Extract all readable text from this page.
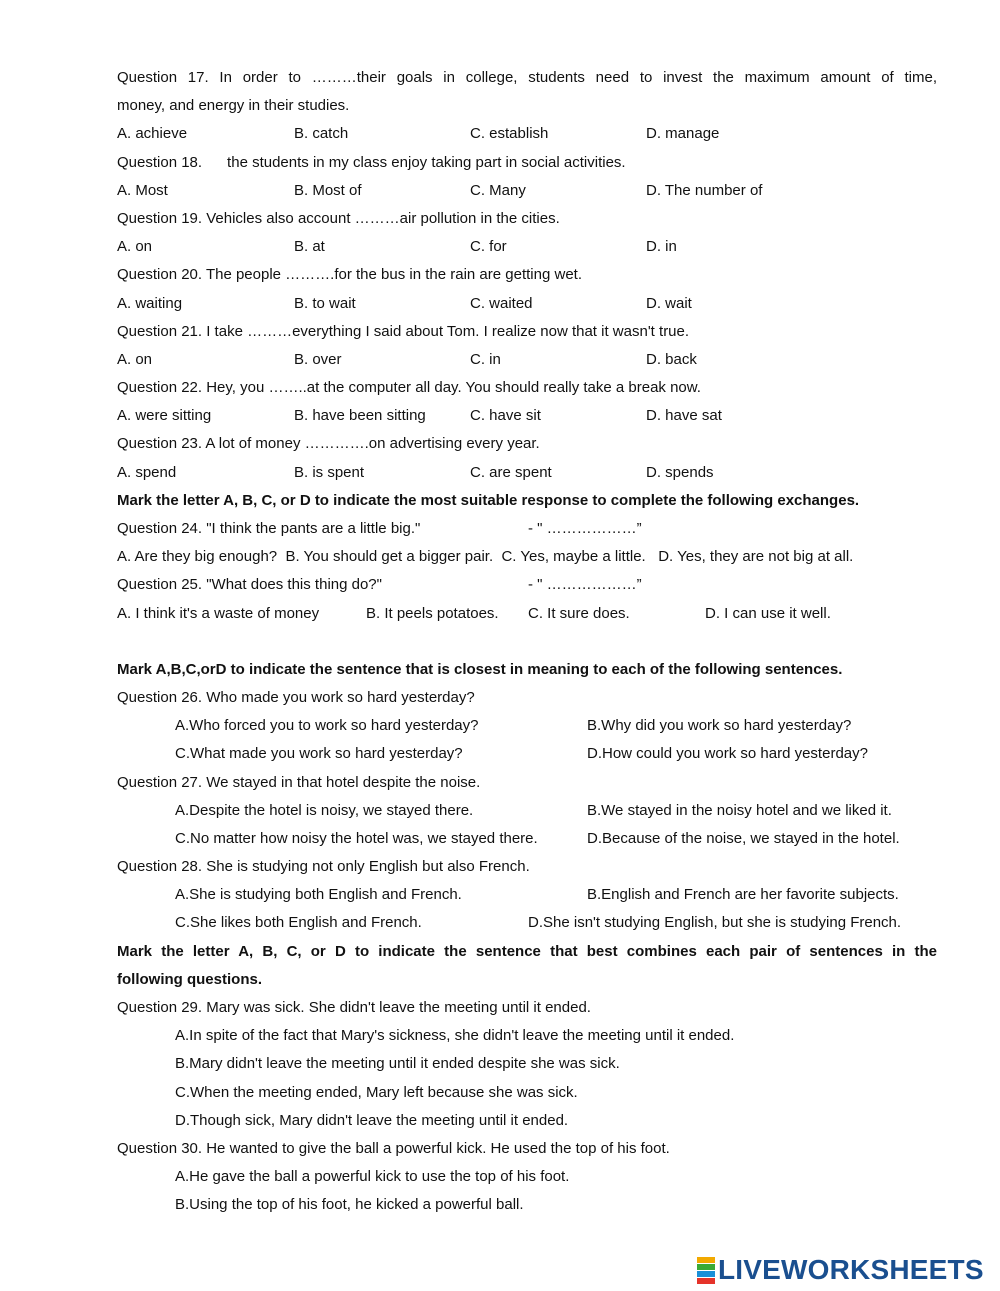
Question 17. In order to ………their goals in college, students need to invest the maximum amount of time,
money, and energy in their studies.
A. achieve	B. catch	C. establish	D. manage
Question 18.      the students in my class enjoy taking part in social activities.
A. Most	B. Most of	C. Many	D. The number of
Question 19. Vehicles also account ………air pollution in the cities.
A. on	B. at	C. for	D. in
Question 20. The people ……….for the bus in the rain are getting wet.
A. waiting	B. to wait	C. waited	D. wait
Question 21. I take ………everything I said about Tom. I realize now that it wasn't true.
A. on	B. over	C. in	D. back
Question 22. Hey, you ……..at the computer all day. You should really take a break now.
A. were sitting	B. have been sitting	C. have sit	D. have sat
Question 23. A lot of money ………….on advertising every year.
A. spend	B. is spent	C. are spent	D. spends
Mark the letter A, B, C, or D to indicate the most suitable response to complete the following exchanges.
Question 24. "I think the pants are a little big."	- " ………………”
A. Are they big enough?  B. You should get a bigger pair.  C. Yes, maybe a little.   D. Yes, they are not big at all.
Question 25. "What does this thing do?"	- " ………………”
A. I think it's a waste of money	B. It peels potatoes. C. It sure does.	D. I can use it well.
Mark A,B,C,orD to indicate the sentence that is closest in meaning to each of the following sentences.
Question 26. Who made you work so hard yesterday?
A.Who forced you to work so hard yesterday?	B.Why did you work so hard yesterday?
C.What made you work so hard yesterday?	D.How could you work so hard yesterday?
Question 27. We stayed in that hotel despite the noise.
A.Despite the hotel is noisy, we stayed there.	B.We stayed in the noisy hotel and we liked it.
C.No matter how noisy the hotel was, we stayed there.	D.Because of the noise, we stayed in the hotel.
Question 28. She is studying not only English but also French.
A.She is studying both English and French.	B.English and French are her favorite subjects.
C.She likes both English and French.	D.She isn't studying English, but she is studying French.
Mark the letter A, B, C, or D to indicate the sentence that best combines each pair of sentences in the
following questions.
Question 29. Mary was sick. She didn't leave the meeting until it ended.
A.In spite of the fact that Mary's sickness, she didn't leave the meeting until it ended.
B.Mary didn't leave the meeting until it ended despite she was sick.
C.When the meeting ended, Mary left because she was sick.
D.Though sick, Mary didn't leave the meeting until it ended.
Question 30. He wanted to give the ball a powerful kick. He used the top of his foot.
A.He gave the ball a powerful kick to use the top of his foot.
B.Using the top of his foot, he kicked a powerful ball.
LIVEWORKSHEETS
